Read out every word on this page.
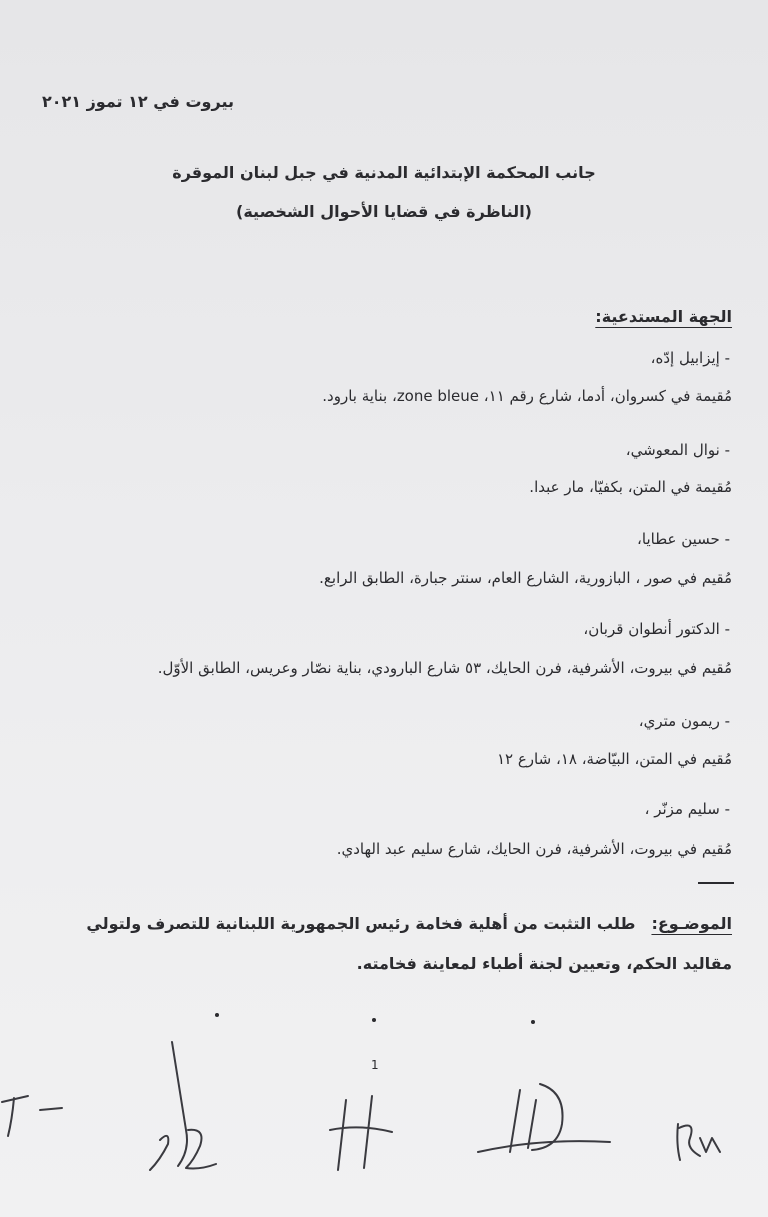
بيروت في ١٢ تموز ٢٠٢١
جانب المحكمة الإبتدائية المدنية في جبل لبنان الموقرة
(الناظرة في قضايا الأحوال الشخصية)
الجهة المستدعية:
- إيزابيل إدّه،
مُقيمة في كسروان، أدما، شارع رقم ١١، zone bleue، بناية بارود.
- نوال المعوشي،
مُقيمة في المتن، بكفيّا، مار عبدا.
- حسين عطايا،
مُقيم في صور ، البازورية، الشارع العام، سنتر جبارة، الطابق الرابع.
- الدكتور أنطوان قربان،
مُقيم في بيروت، الأشرفية، فرن الحايك، ٥٣ شارع البارودي، بناية نصّار وعريس، الطابق الأوّل.
- ريمون متري،
مُقيم في المتن، البيّاضة، ١٨، شارع ١٢
- سليم مزنّر ،
مُقيم في بيروت، الأشرفية، فرن الحايك، شارع سليم عبد الهادي.
الموضـوع:طلب التثبت من أهلية فخامة رئيس الجمهورية اللبنانية للتصرف ولتولي مقاليد الحكم، وتعيين لجنة أطباء لمعاينة فخامته.
1
